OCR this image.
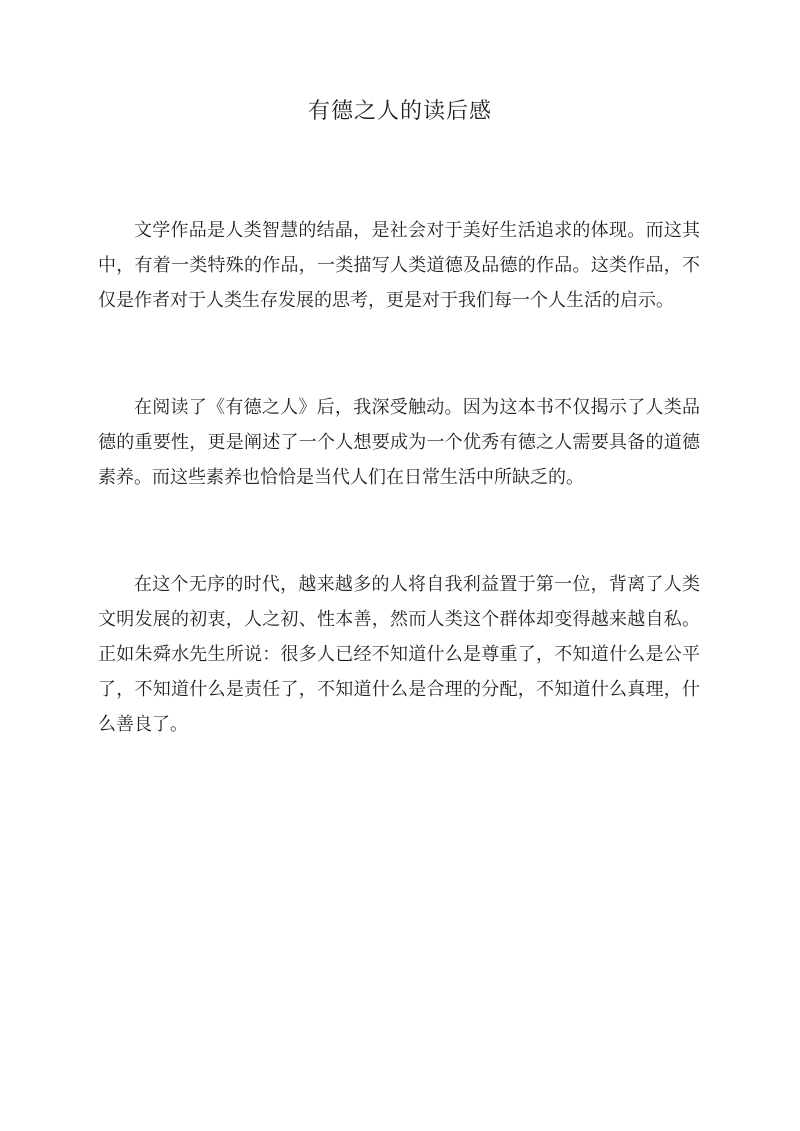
有德之人的读后感

文学作品是人类智慧的结晶，是社会对于美好生活追求的体现。而这其中，有着一类特殊的作品，一类描写人类道德及品德的作品。这类作品，不仅是作者对于人类生存发展的思考，更是对于我们每一个人生活的启示。

在阅读了《有德之人》后，我深受触动。因为这本书不仅揭示了人类品德的重要性，更是阐述了一个人想要成为一个优秀有德之人需要具备的道德素养。而这些素养也恰恰是当代人们在日常生活中所缺乏的。

在这个无序的时代，越来越多的人将自我利益置于第一位，背离了人类文明发展的初衷，人之初、性本善，然而人类这个群体却变得越来越自私。正如朱舜水先生所说：很多人已经不知道什么是尊重了，不知道什么是公平了，不知道什么是责任了，不知道什么是合理的分配，不知道什么真理，什么善良了。
